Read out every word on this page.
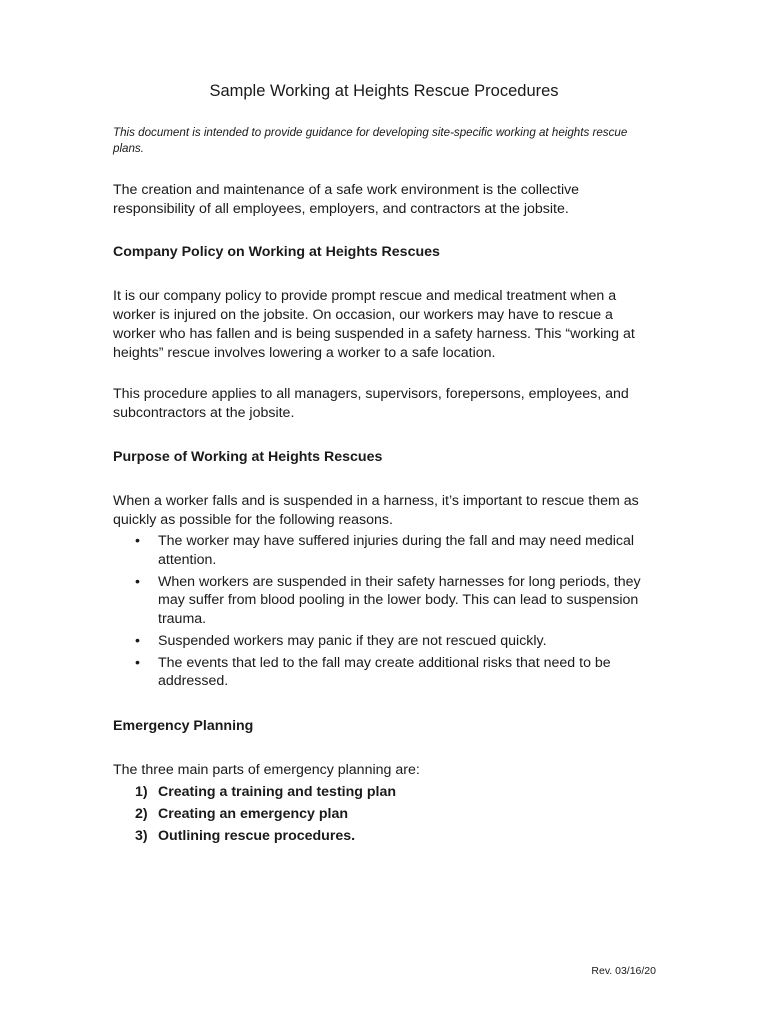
Sample Working at Heights Rescue Procedures

This document is intended to provide guidance for developing site-specific working at heights rescue plans.

The creation and maintenance of a safe work environment is the collective responsibility of all employees, employers, and contractors at the jobsite.

Company Policy on Working at Heights Rescues

It is our company policy to provide prompt rescue and medical treatment when a worker is injured on the jobsite. On occasion, our workers may have to rescue a worker who has fallen and is being suspended in a safety harness. This “working at heights” rescue involves lowering a worker to a safe location.

This procedure applies to all managers, supervisors, forepersons, employees, and subcontractors at the jobsite.

Purpose of Working at Heights Rescues

When a worker falls and is suspended in a harness, it’s important to rescue them as quickly as possible for the following reasons.

• The worker may have suffered injuries during the fall and may need medical attention.
• When workers are suspended in their safety harnesses for long periods, they may suffer from blood pooling in the lower body. This can lead to suspension trauma.
• Suspended workers may panic if they are not rescued quickly.
• The events that led to the fall may create additional risks that need to be addressed.
Emergency Planning

The three main parts of emergency planning are:

1) Creating a training and testing plan
2) Creating an emergency plan
3) Outlining rescue procedures.

Rev. 03/16/20
